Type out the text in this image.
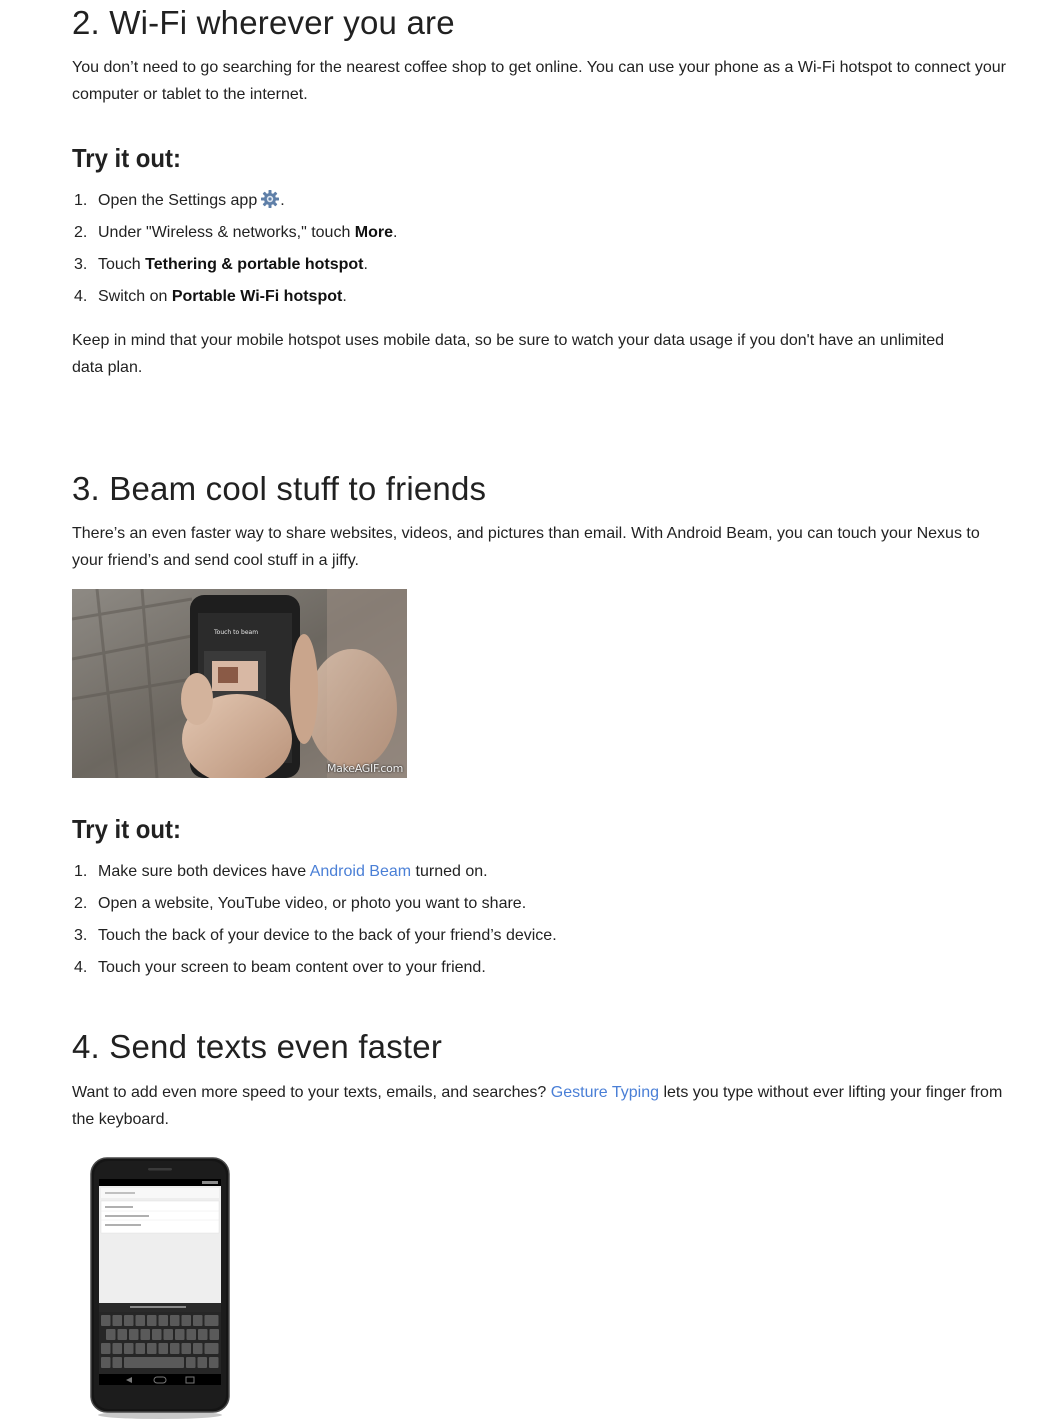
2. Wi-Fi wherever you are

You don’t need to go searching for the nearest coffee shop to get online. You can use your phone as a Wi-Fi hotspot to connect your computer or tablet to the internet.

Try it out:
1. Open the Settings app .
2. Under "Wireless & networks," touch More.
3. Touch Tethering & portable hotspot.
4. Switch on Portable Wi-Fi hotspot.

Keep in mind that your mobile hotspot uses mobile data, so be sure to watch your data usage if you don't have an unlimited data plan.

3. Beam cool stuff to friends

There’s an even faster way to share websites, videos, and pictures than email. With Android Beam, you can touch your Nexus to your friend’s and send cool stuff in a jiffy.

Touch to beam
MakeAGIF.com
Try it out:
1. Make sure both devices have Android Beam turned on.
2. Open a website, YouTube video, or photo you want to share.
3. Touch the back of your device to the back of your friend’s device.
4. Touch your screen to beam content over to your friend.
4. Send texts even faster

Want to add even more speed to your texts, emails, and searches? Gesture Typing lets you type without ever lifting your finger from the keyboard.
